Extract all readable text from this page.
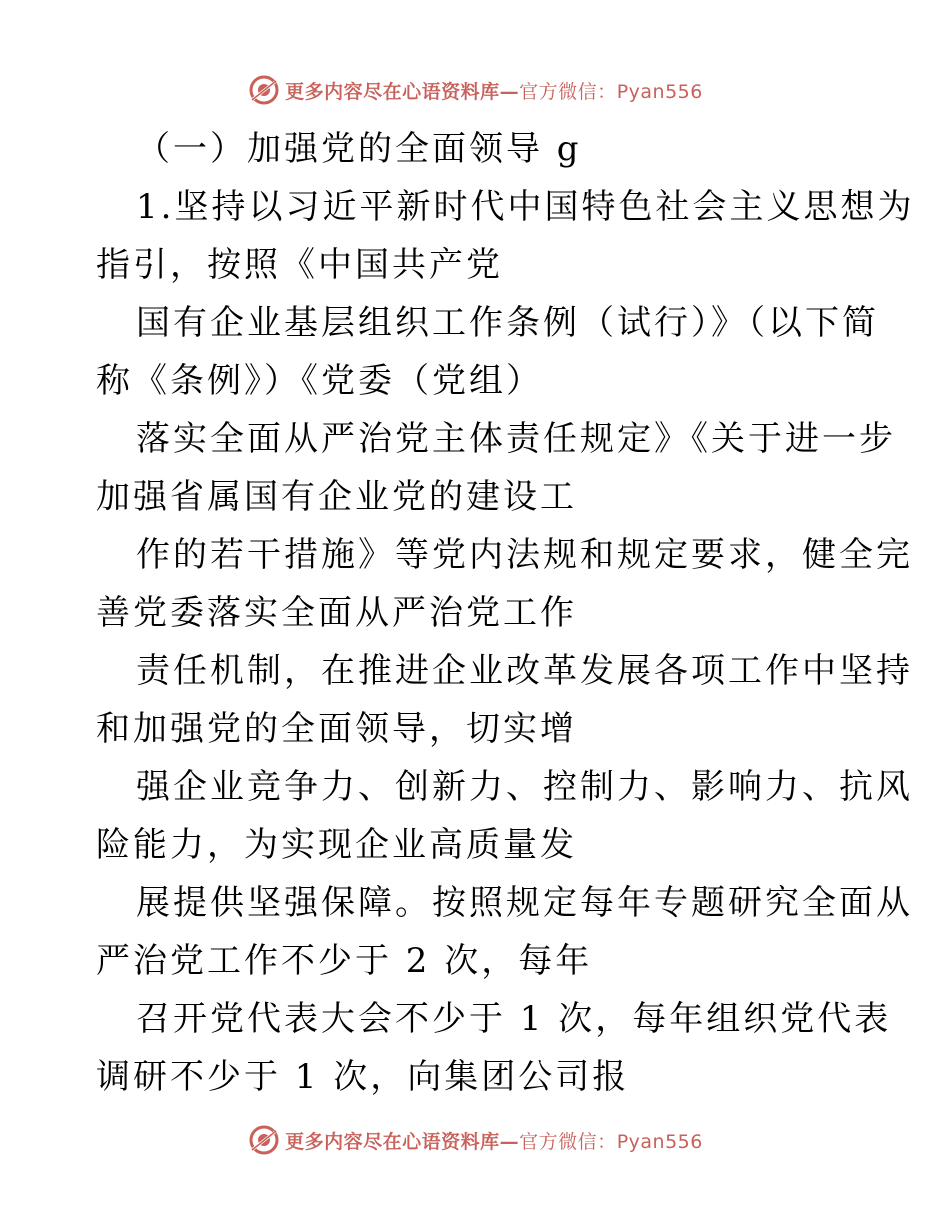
更多内容尽在心语资料库—官方微信：Pyan556
（一）加强党的全面领导 g
1.坚持以习近平新时代中国特色社会主义思想为
指引，按照《中国共产党
国有企业基层组织工作条例（试行）》（以下简
称《条例》）《党委（党组）
落实全面从严治党主体责任规定》《关于进一步
加强省属国有企业党的建设工
作的若干措施》等党内法规和规定要求，健全完
善党委落实全面从严治党工作
责任机制，在推进企业改革发展各项工作中坚持
和加强党的全面领导，切实增
强企业竞争力、创新力、控制力、影响力、抗风
险能力，为实现企业高质量发
展提供坚强保障。按照规定每年专题研究全面从
严治党工作不少于 2 次，每年
召开党代表大会不少于 1 次，每年组织党代表
调研不少于 1 次，向集团公司报
更多内容尽在心语资料库—官方微信：Pyan556
